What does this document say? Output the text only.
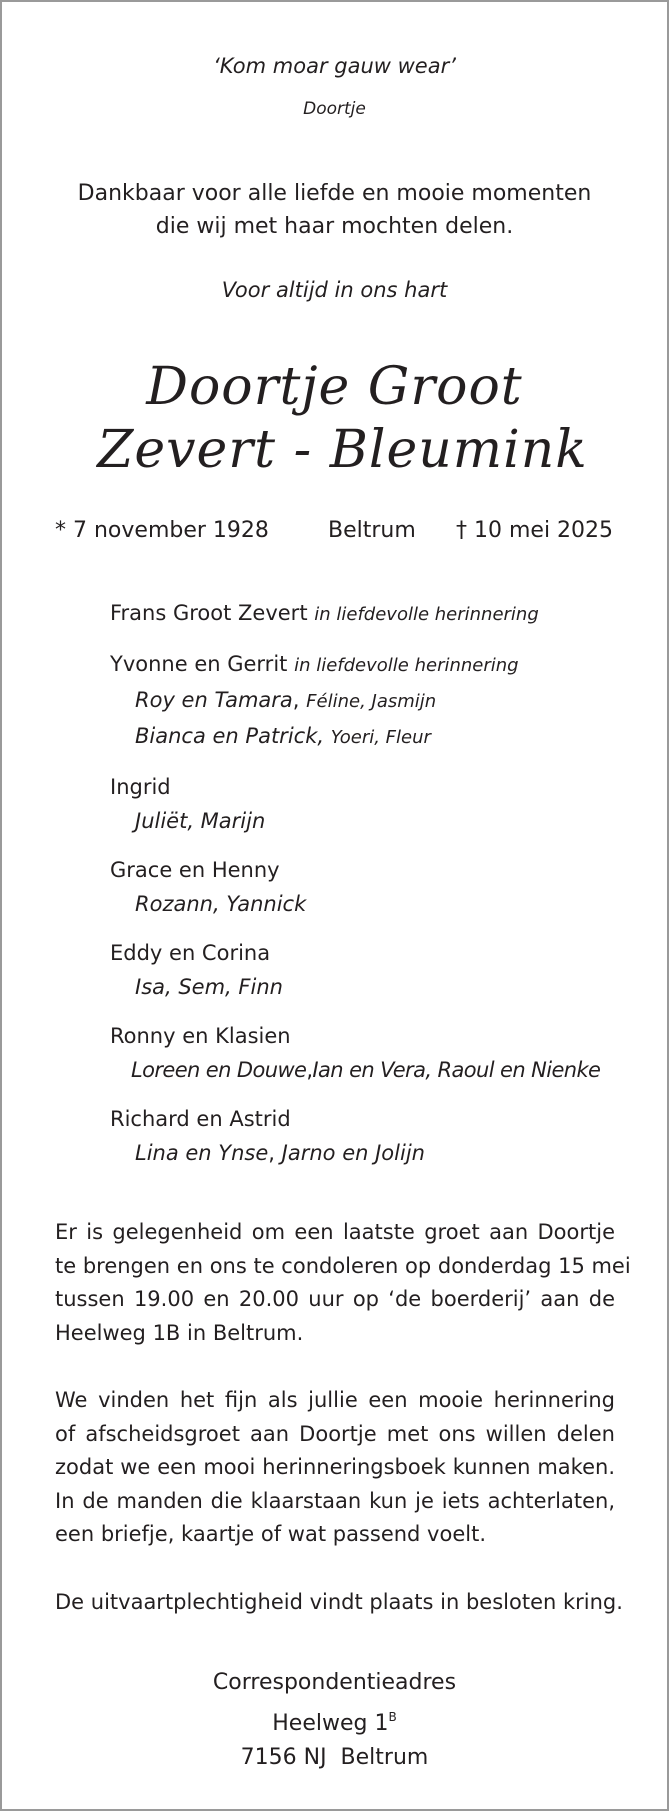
‘Kom moar gauw wear’
Doortje
Dankbaar voor alle liefde en mooie momenten
die wij met haar mochten delen.
Voor altijd in ons hart
Doortje Groot
Zevert - Bleumink
* 7 november 1928	Beltrum † 10 mei 2025
Frans Groot Zevert in liefdevolle herinnering
Yvonne en Gerrit in liefdevolle herinnering
Roy en Tamara, Féline, Jasmijn
Bianca en Patrick, Yoeri, Fleur
Ingrid
Juliët, Marijn
Grace en Henny
Rozann, Yannick
Eddy en Corina
Isa, Sem, Finn
Ronny en Klasien
Loreen en Douwe,Ian en Vera, Raoul en Nienke
Richard en Astrid
Lina en Ynse, Jarno en Jolijn
Er is gelegenheid om een laatste groet aan Doortje
te brengen en ons te condoleren op donderdag 15 mei
tussen 19.00 en 20.00 uur op ‘de boerderij’ aan de
Heelweg 1B in Beltrum.
We vinden het fijn als jullie een mooie herinnering
of afscheidsgroet aan Doortje met ons willen delen
zodat we een mooi herinneringsboek kunnen maken.
In de manden die klaarstaan kun je iets achterlaten,
een briefje, kaartje of wat passend voelt.
De uitvaartplechtigheid vindt plaats in besloten kring.
Correspondentieadres
Heelweg $1^B$
7156 NJ  Beltrum
